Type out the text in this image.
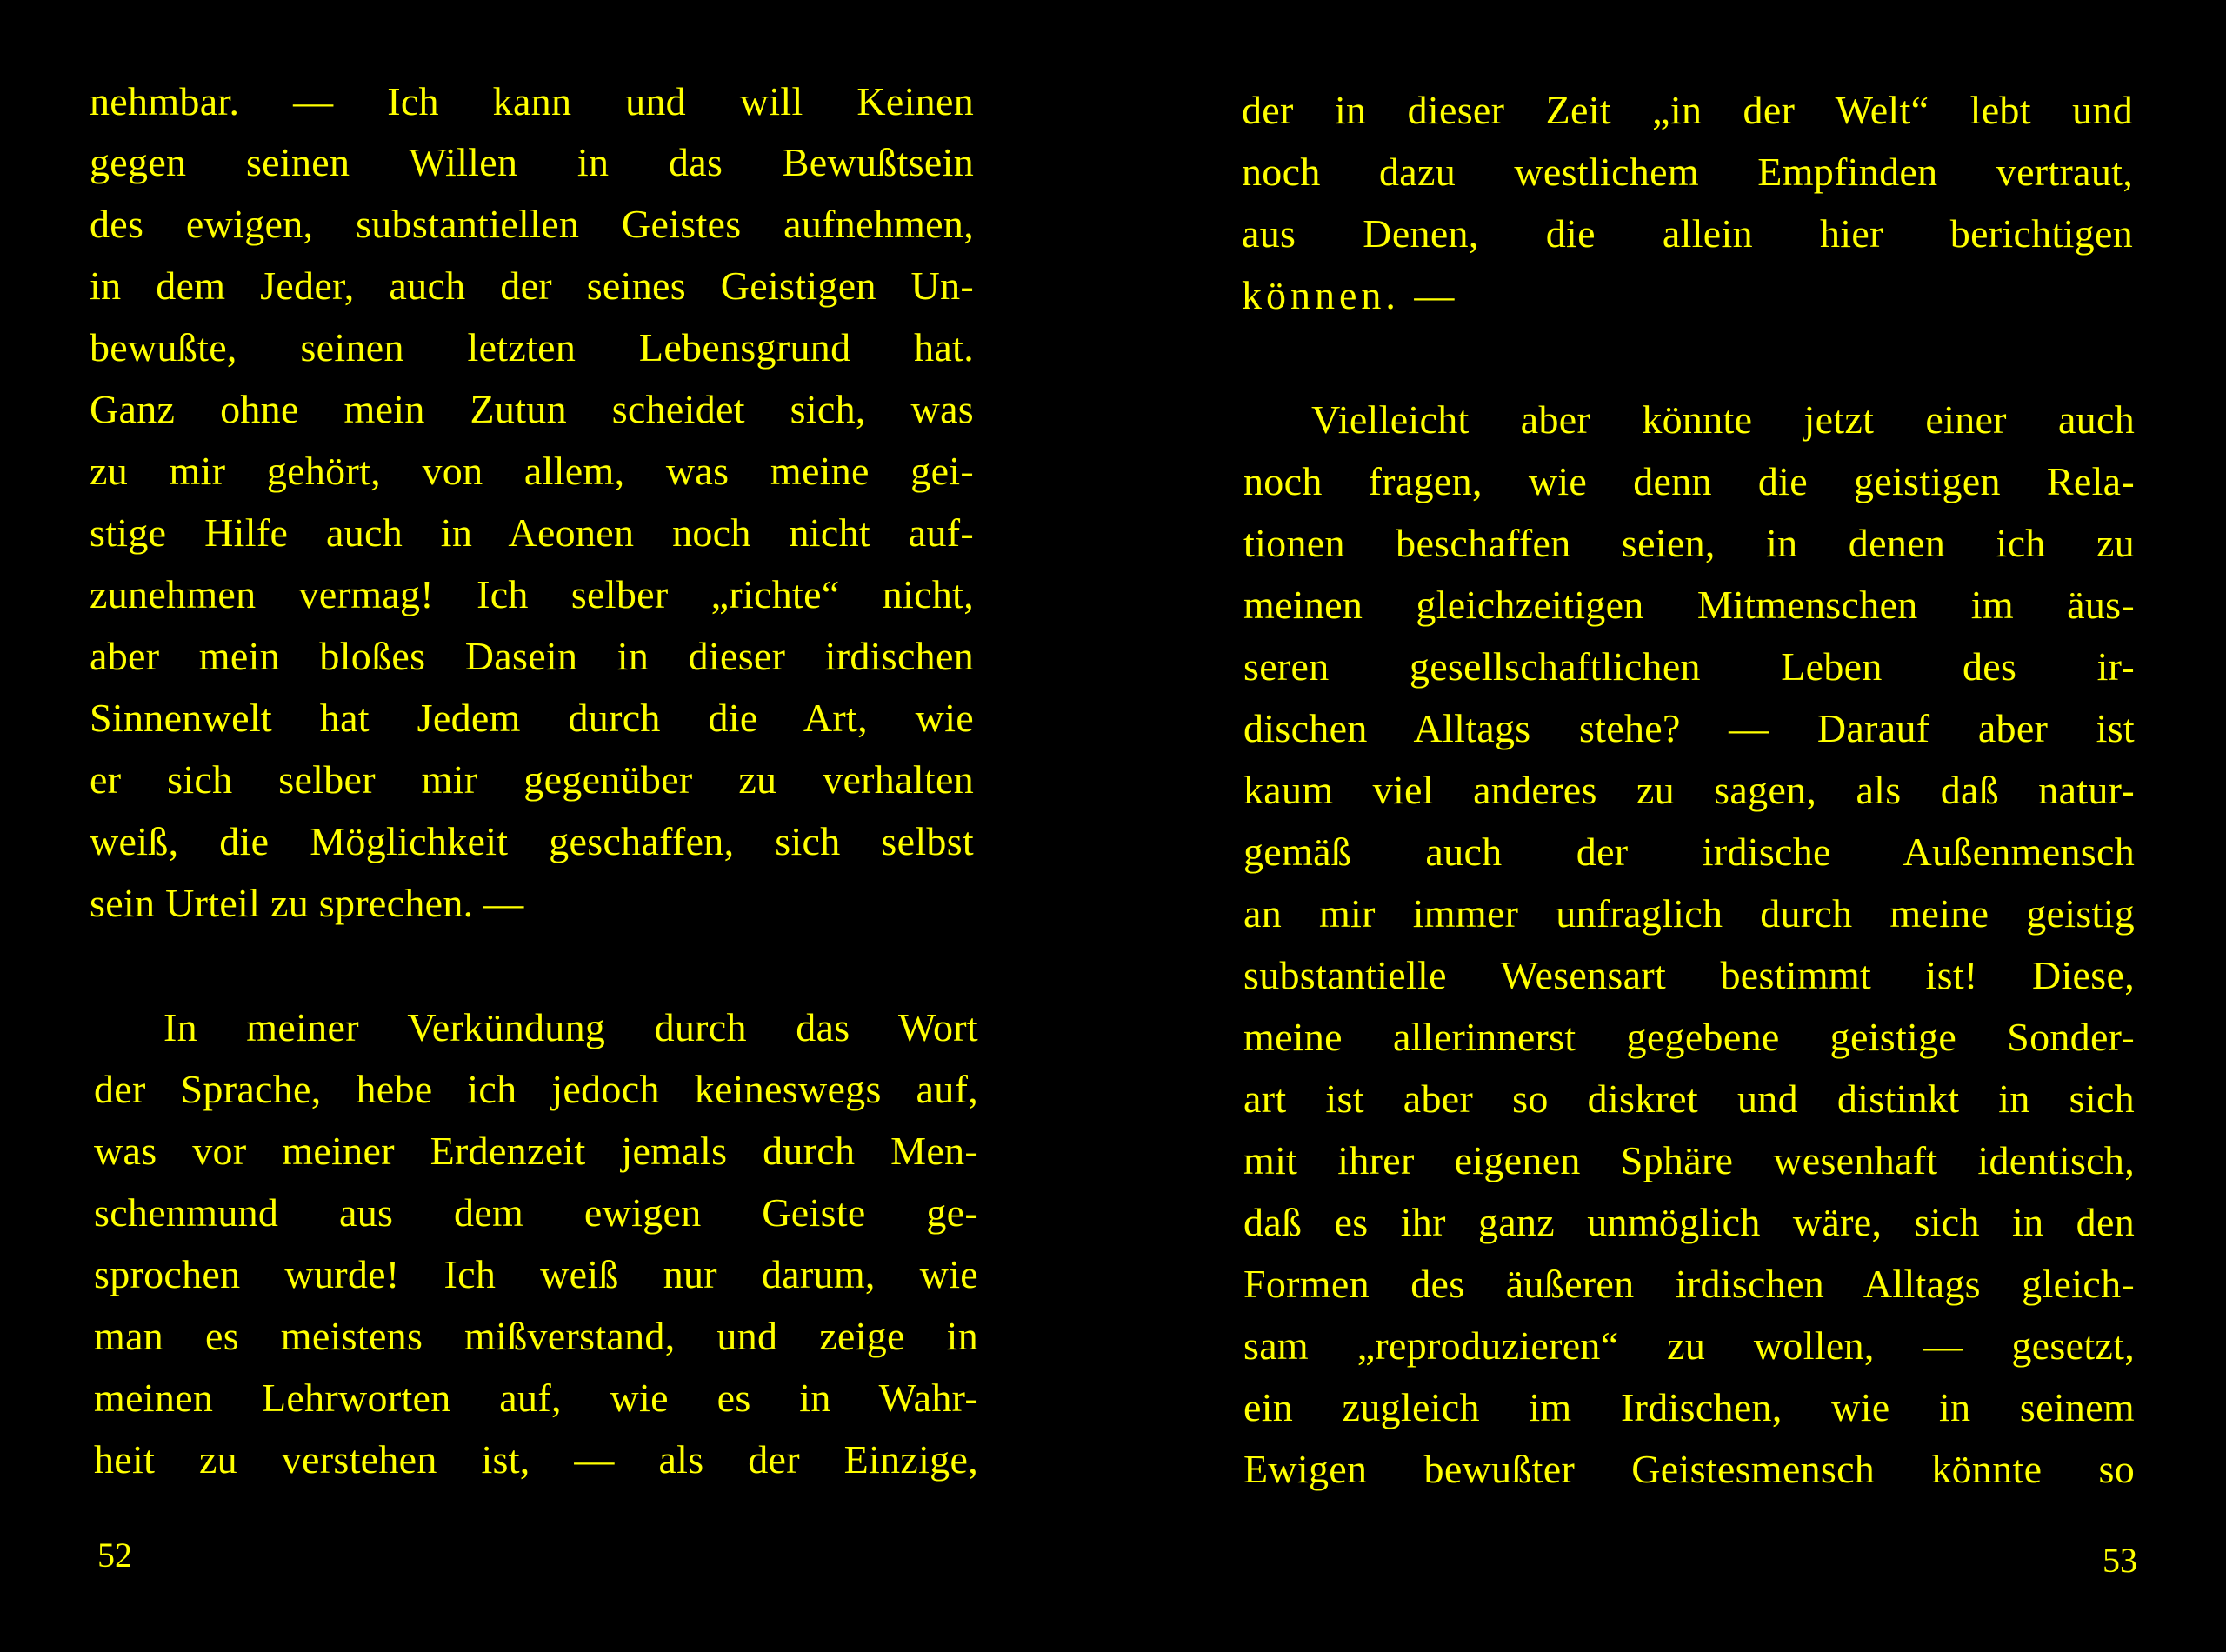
nehmbar. — Ich kann und will Keinen
gegen seinen Willen in das Bewußtsein
des ewigen, substantiellen Geistes aufnehmen,
in dem Jeder, auch der seines Geistigen Un-
bewußte, seinen letzten Lebensgrund hat.
Ganz ohne mein Zutun scheidet sich, was
zu mir gehört, von allem, was meine gei-
stige Hilfe auch in Aeonen noch nicht auf-
zunehmen vermag! Ich selber „richte“ nicht,
aber mein bloßes Dasein in dieser irdischen
Sinnenwelt hat Jedem durch die Art, wie
er sich selber mir gegenüber zu verhalten
weiß, die Möglichkeit geschaffen, sich selbst
sein Urteil zu sprechen. —
In meiner Verkündung durch das Wort
der Sprache, hebe ich jedoch keineswegs auf,
was vor meiner Erdenzeit jemals durch Men-
schenmund aus dem ewigen Geiste ge-
sprochen wurde! Ich weiß nur darum, wie
man es meistens mißverstand, und zeige in
meinen Lehrworten auf, wie es in Wahr-
heit zu verstehen ist, — als der Einzige,
52
der in dieser Zeit „in der Welt“ lebt und
noch dazu westlichem Empfinden vertraut,
aus Denen, die allein hier berichtigen
können. —
Vielleicht aber könnte jetzt einer auch
noch fragen, wie denn die geistigen Rela-
tionen beschaffen seien, in denen ich zu
meinen gleichzeitigen Mitmenschen im äus-
seren gesellschaftlichen Leben des ir-
dischen Alltags stehe? — Darauf aber ist
kaum viel anderes zu sagen, als daß natur-
gemäß auch der irdische Außenmensch
an mir immer unfraglich durch meine geistig
substantielle Wesensart bestimmt ist! Diese,
meine allerinnerst gegebene geistige Sonder-
art ist aber so diskret und distinkt in sich
mit ihrer eigenen Sphäre wesenhaft identisch,
daß es ihr ganz unmöglich wäre, sich in den
Formen des äußeren irdischen Alltags gleich-
sam „reproduzieren“ zu wollen, — gesetzt,
ein zugleich im Irdischen, wie in seinem
Ewigen bewußter Geistesmensch könnte so
53
